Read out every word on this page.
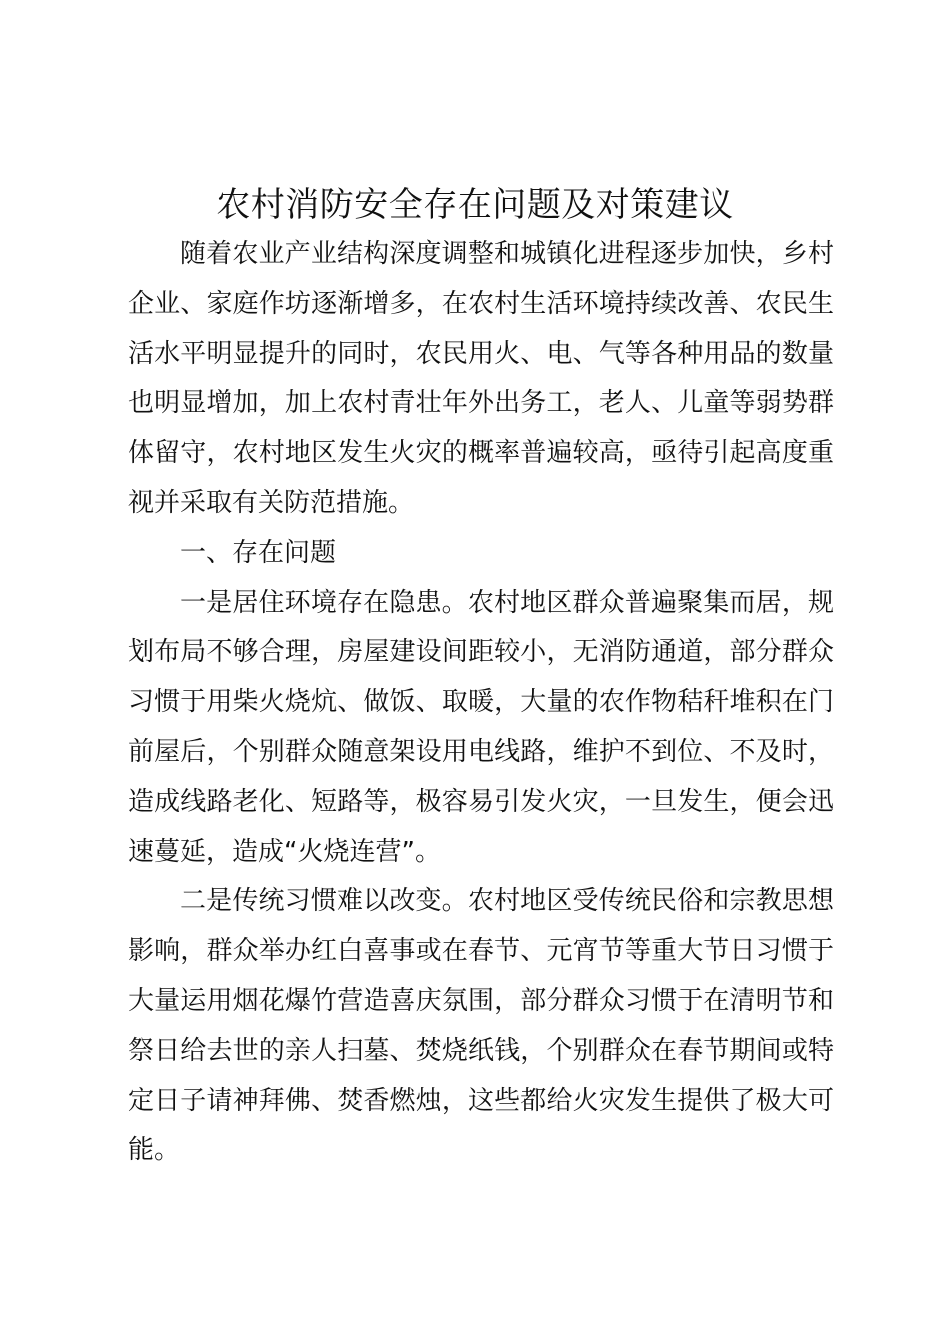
农村消防安全存在问题及对策建议

随着农业产业结构深度调整和城镇化进程逐步加快，乡村企业、家庭作坊逐渐增多，在农村生活环境持续改善、农民生活水平明显提升的同时，农民用火、电、气等各种用品的数量也明显增加，加上农村青壮年外出务工，老人、儿童等弱势群体留守，农村地区发生火灾的概率普遍较高，亟待引起高度重视并采取有关防范措施。

一、存在问题

一是居住环境存在隐患。农村地区群众普遍聚集而居，规划布局不够合理，房屋建设间距较小，无消防通道，部分群众习惯于用柴火烧炕、做饭、取暖，大量的农作物秸秆堆积在门前屋后，个别群众随意架设用电线路，维护不到位、不及时，造成线路老化、短路等，极容易引发火灾，一旦发生，便会迅速蔓延，造成“火烧连营”。

二是传统习惯难以改变。农村地区受传统民俗和宗教思想影响，群众举办红白喜事或在春节、元宵节等重大节日习惯于大量运用烟花爆竹营造喜庆氛围，部分群众习惯于在清明节和祭日给去世的亲人扫墓、焚烧纸钱，个别群众在春节期间或特定日子请神拜佛、焚香燃烛，这些都给火灾发生提供了极大可能。
